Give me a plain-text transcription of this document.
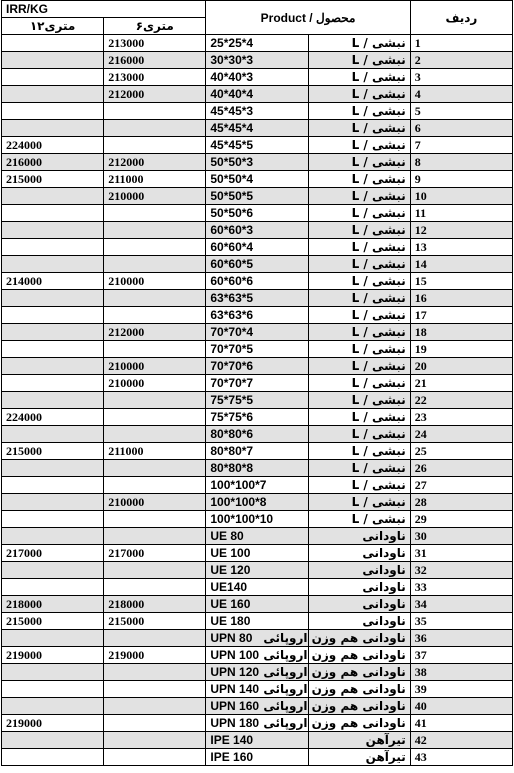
IRR/KG		Product / محصول		ردیف
۱۲متری	۶متری			
	213000	25*25*4	نبشی / L	1
	216000	30*30*3	نبشی / L	2
	213000	40*40*3	نبشی / L	3
	212000	40*40*4	نبشی / L	4
		45*45*3	نبشی / L	5
		45*45*4	نبشی / L	6
224000		45*45*5	نبشی / L	7
216000	212000	50*50*3	نبشی / L	8
215000	211000	50*50*4	نبشی / L	9
	210000	50*50*5	نبشی / L	10
		50*50*6	نبشی / L	11
		60*60*3	نبشی / L	12
		60*60*4	نبشی / L	13
		60*60*5	نبشی / L	14
214000	210000	60*60*6	نبشی / L	15
		63*63*5	نبشی / L	16
		63*63*6	نبشی / L	17
	212000	70*70*4	نبشی / L	18
		70*70*5	نبشی / L	19
	210000	70*70*6	نبشی / L	20
	210000	70*70*7	نبشی / L	21
		75*75*5	نبشی / L	22
224000		75*75*6	نبشی / L	23
		80*80*6	نبشی / L	24
215000	211000	80*80*7	نبشی / L	25
		80*80*8	نبشی / L	26
		100*100*7	نبشی / L	27
	210000	100*100*8	نبشی / L	28
		100*100*10	نبشی / L	29
		UE 80	ناودانی	30
217000	217000	UE 100	ناودانی	31
		UE 120	ناودانی	32
		UE140	ناودانی	33
218000	218000	UE 160	ناودانی	34
215000	215000	UE 180	ناودانی	35
		UPN 80	ناودانی هم وزن اروپائی	36
219000	219000	UPN 100	ناودانی هم وزن اروپائی	37
		UPN 120	ناودانی هم وزن اروپائی	38
		UPN 140	ناودانی هم وزن اروپائی	39
		UPN 160	ناودانی هم وزن اروپائی	40
219000		UPN 180	ناودانی هم وزن اروپائی	41
		IPE 140	تیرآهن	42
		IPE 160	تیرآهن	43
